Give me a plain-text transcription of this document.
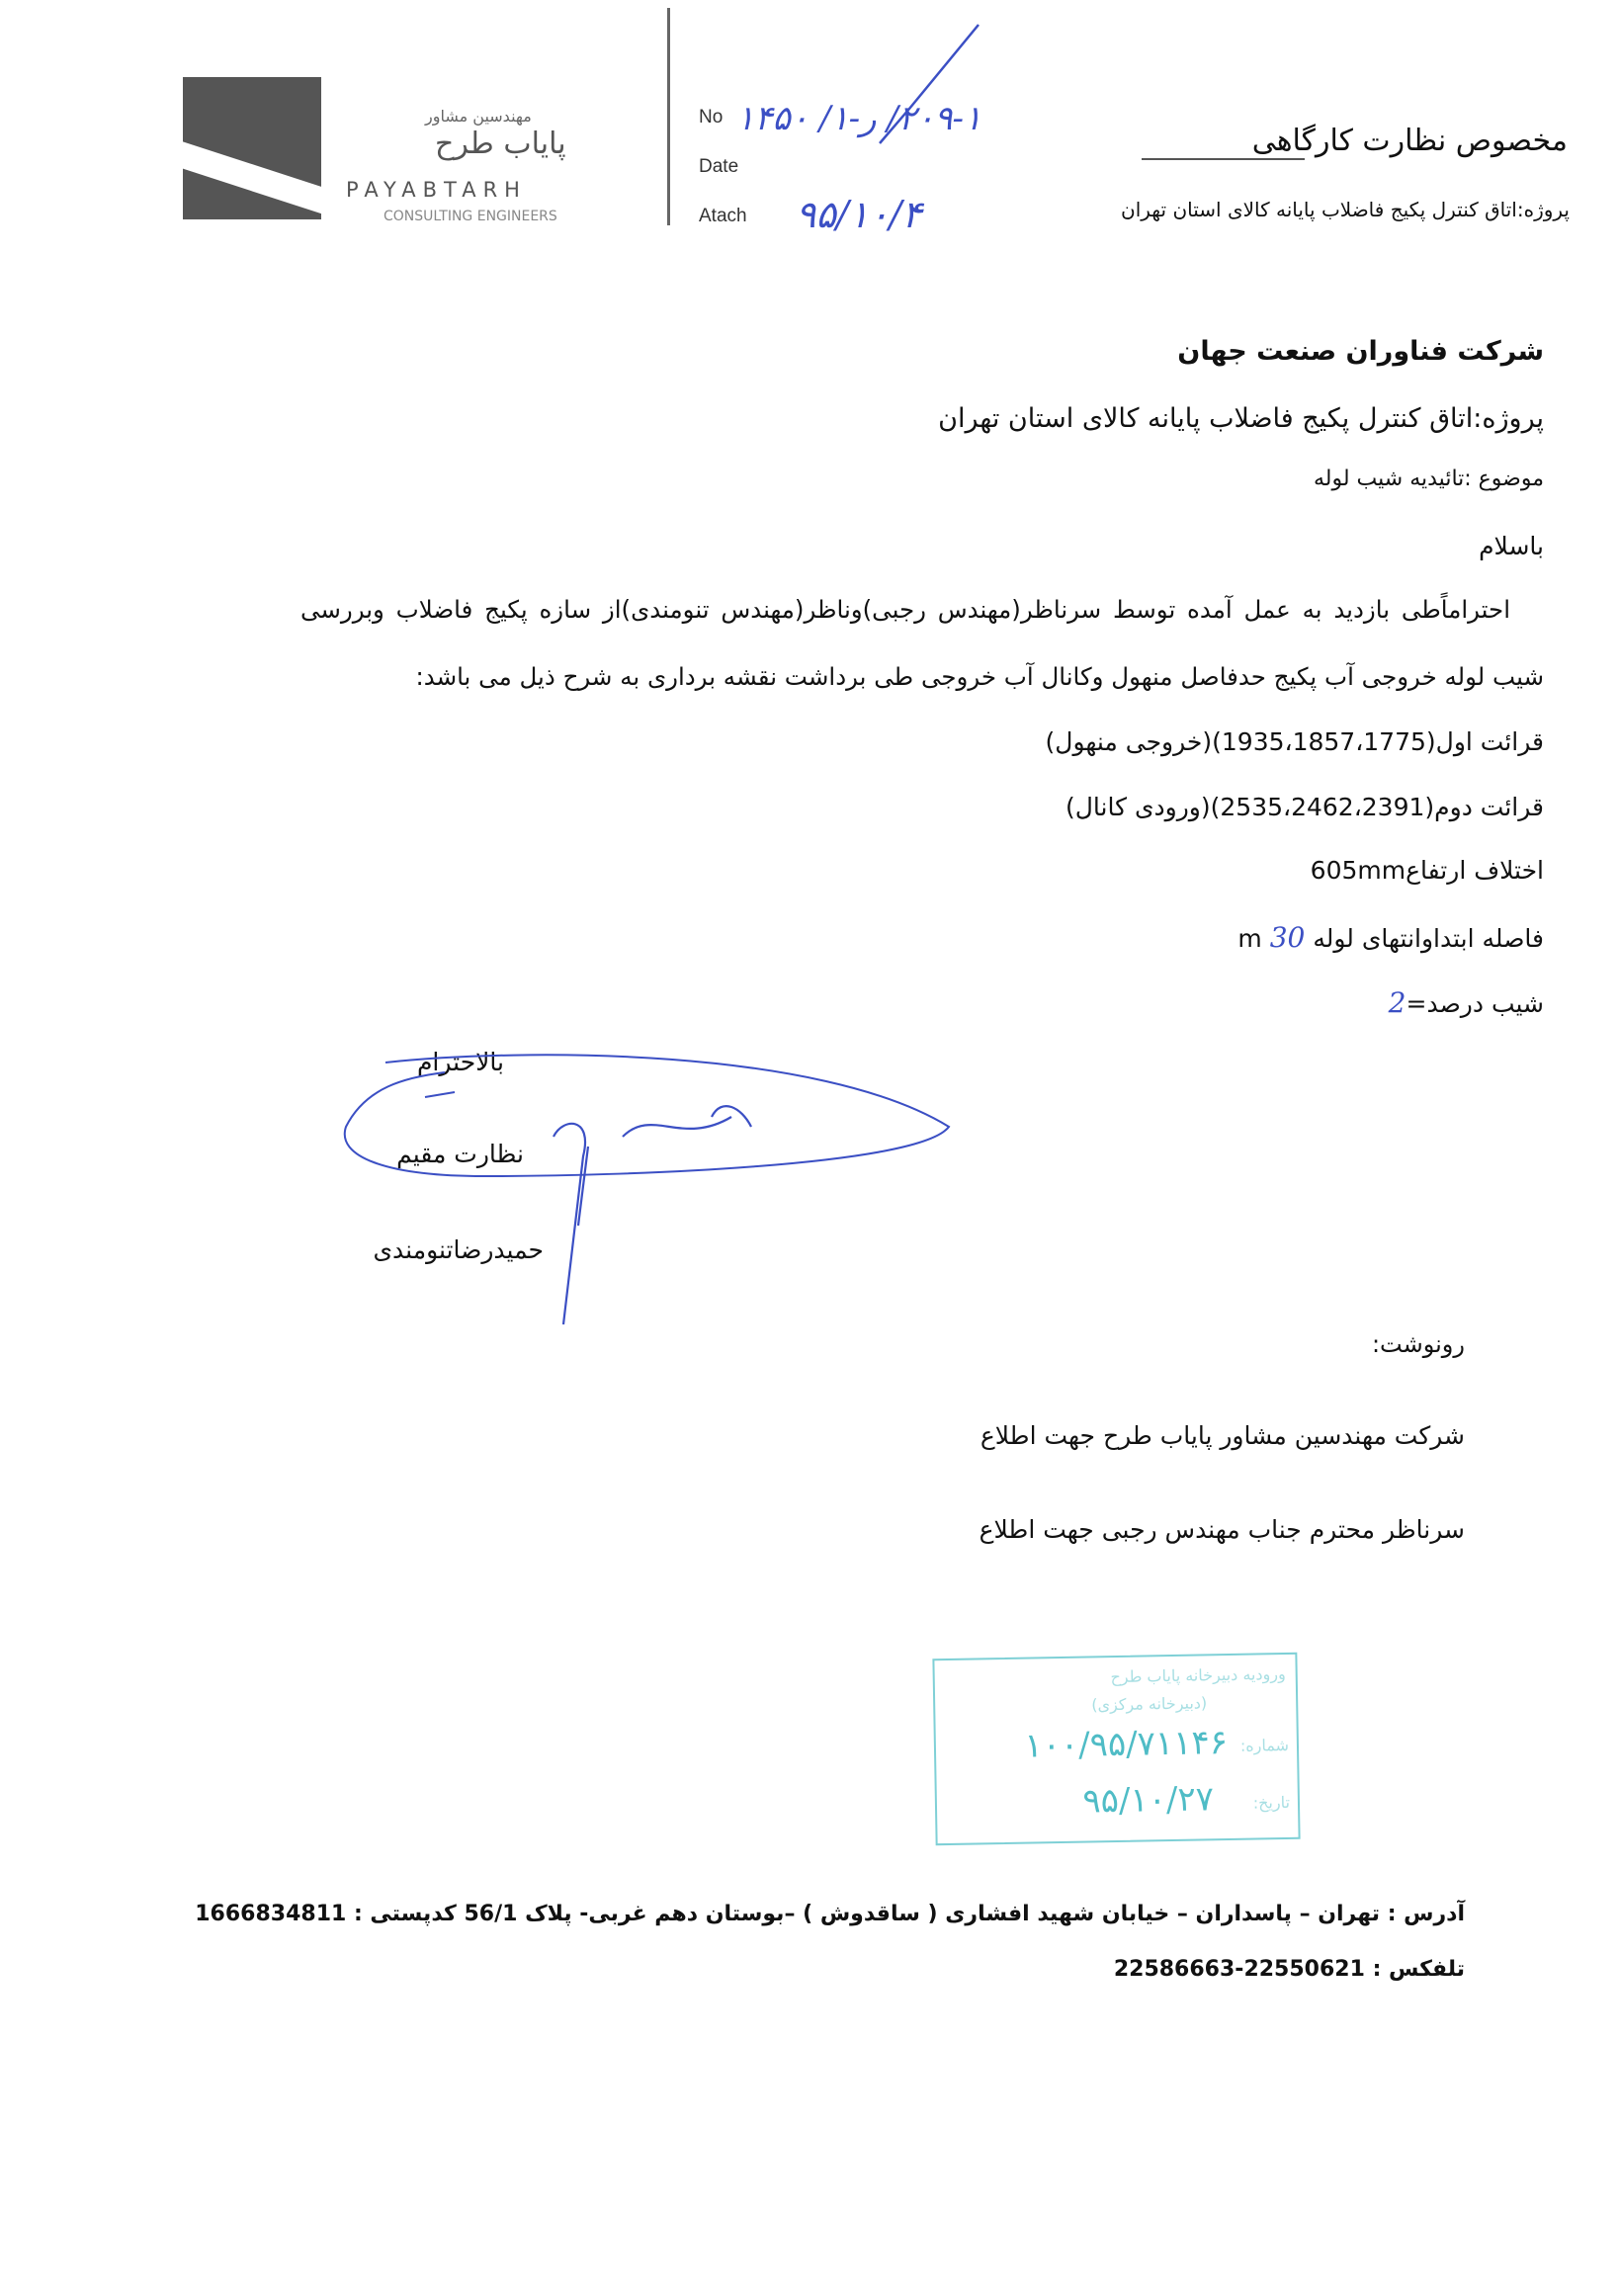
مهندسین مشاور
پایاب طرح
PAYABTARH
CONSULTING ENGINEERS
No ۲۰۹-۱/ ر-۱/ ۱۴۵۰
Date
Atach ۹۵/۱۰/۴
مخصوص نظارت کارگاهی
پروژه:اتاق کنترل پکیج فاضلاب پایانه کالای استان تهران
شرکت فناوران صنعت جهان
پروژه:اتاق کنترل پکیج فاضلاب پایانه کالای استان تهران
موضوع :تائیدیه شیب لوله
باسلام
احتراماًطی بازدید به عمل آمده توسط سرناظر(مهندس رجبی)وناظر(مهندس تنومندی)از سازه پکیج فاضلاب وبررسی
شیب لوله خروجی آب پکیج حدفاصل منهول وکانال آب خروجی طی برداشت نقشه برداری به شرح ذیل می باشد:
قرائت اول(1935،1857،1775)(خروجی منهول)
قرائت دوم(2535،2462،2391)(ورودی کانال)
اختلاف ارتفاع605mm
فاصله ابتداوانتهای لوله m 30
شیب درصد=2
بالاحترام
نظارت مقیم
حمیدرضاتنومندی
رونوشت:
شرکت مهندسین مشاور پایاب طرح جهت اطلاع
سرناظر محترم جناب مهندس رجبی جهت اطلاع
ورودیه دبیرخانه پایاب طرح
(دبیرخانه مرکزی)
شماره:
۱۰۰/۹۵/۷۱۱۴۶
تاریخ:
۹۵/۱۰/۲۷
آدرس : تهران – پاسداران – خیابان شهید افشاری ( ساقدوش ) –بوستان دهم غربی- پلاک 56/1 کدپستی : 1666834811
تلفکس : 22550621-22586663
